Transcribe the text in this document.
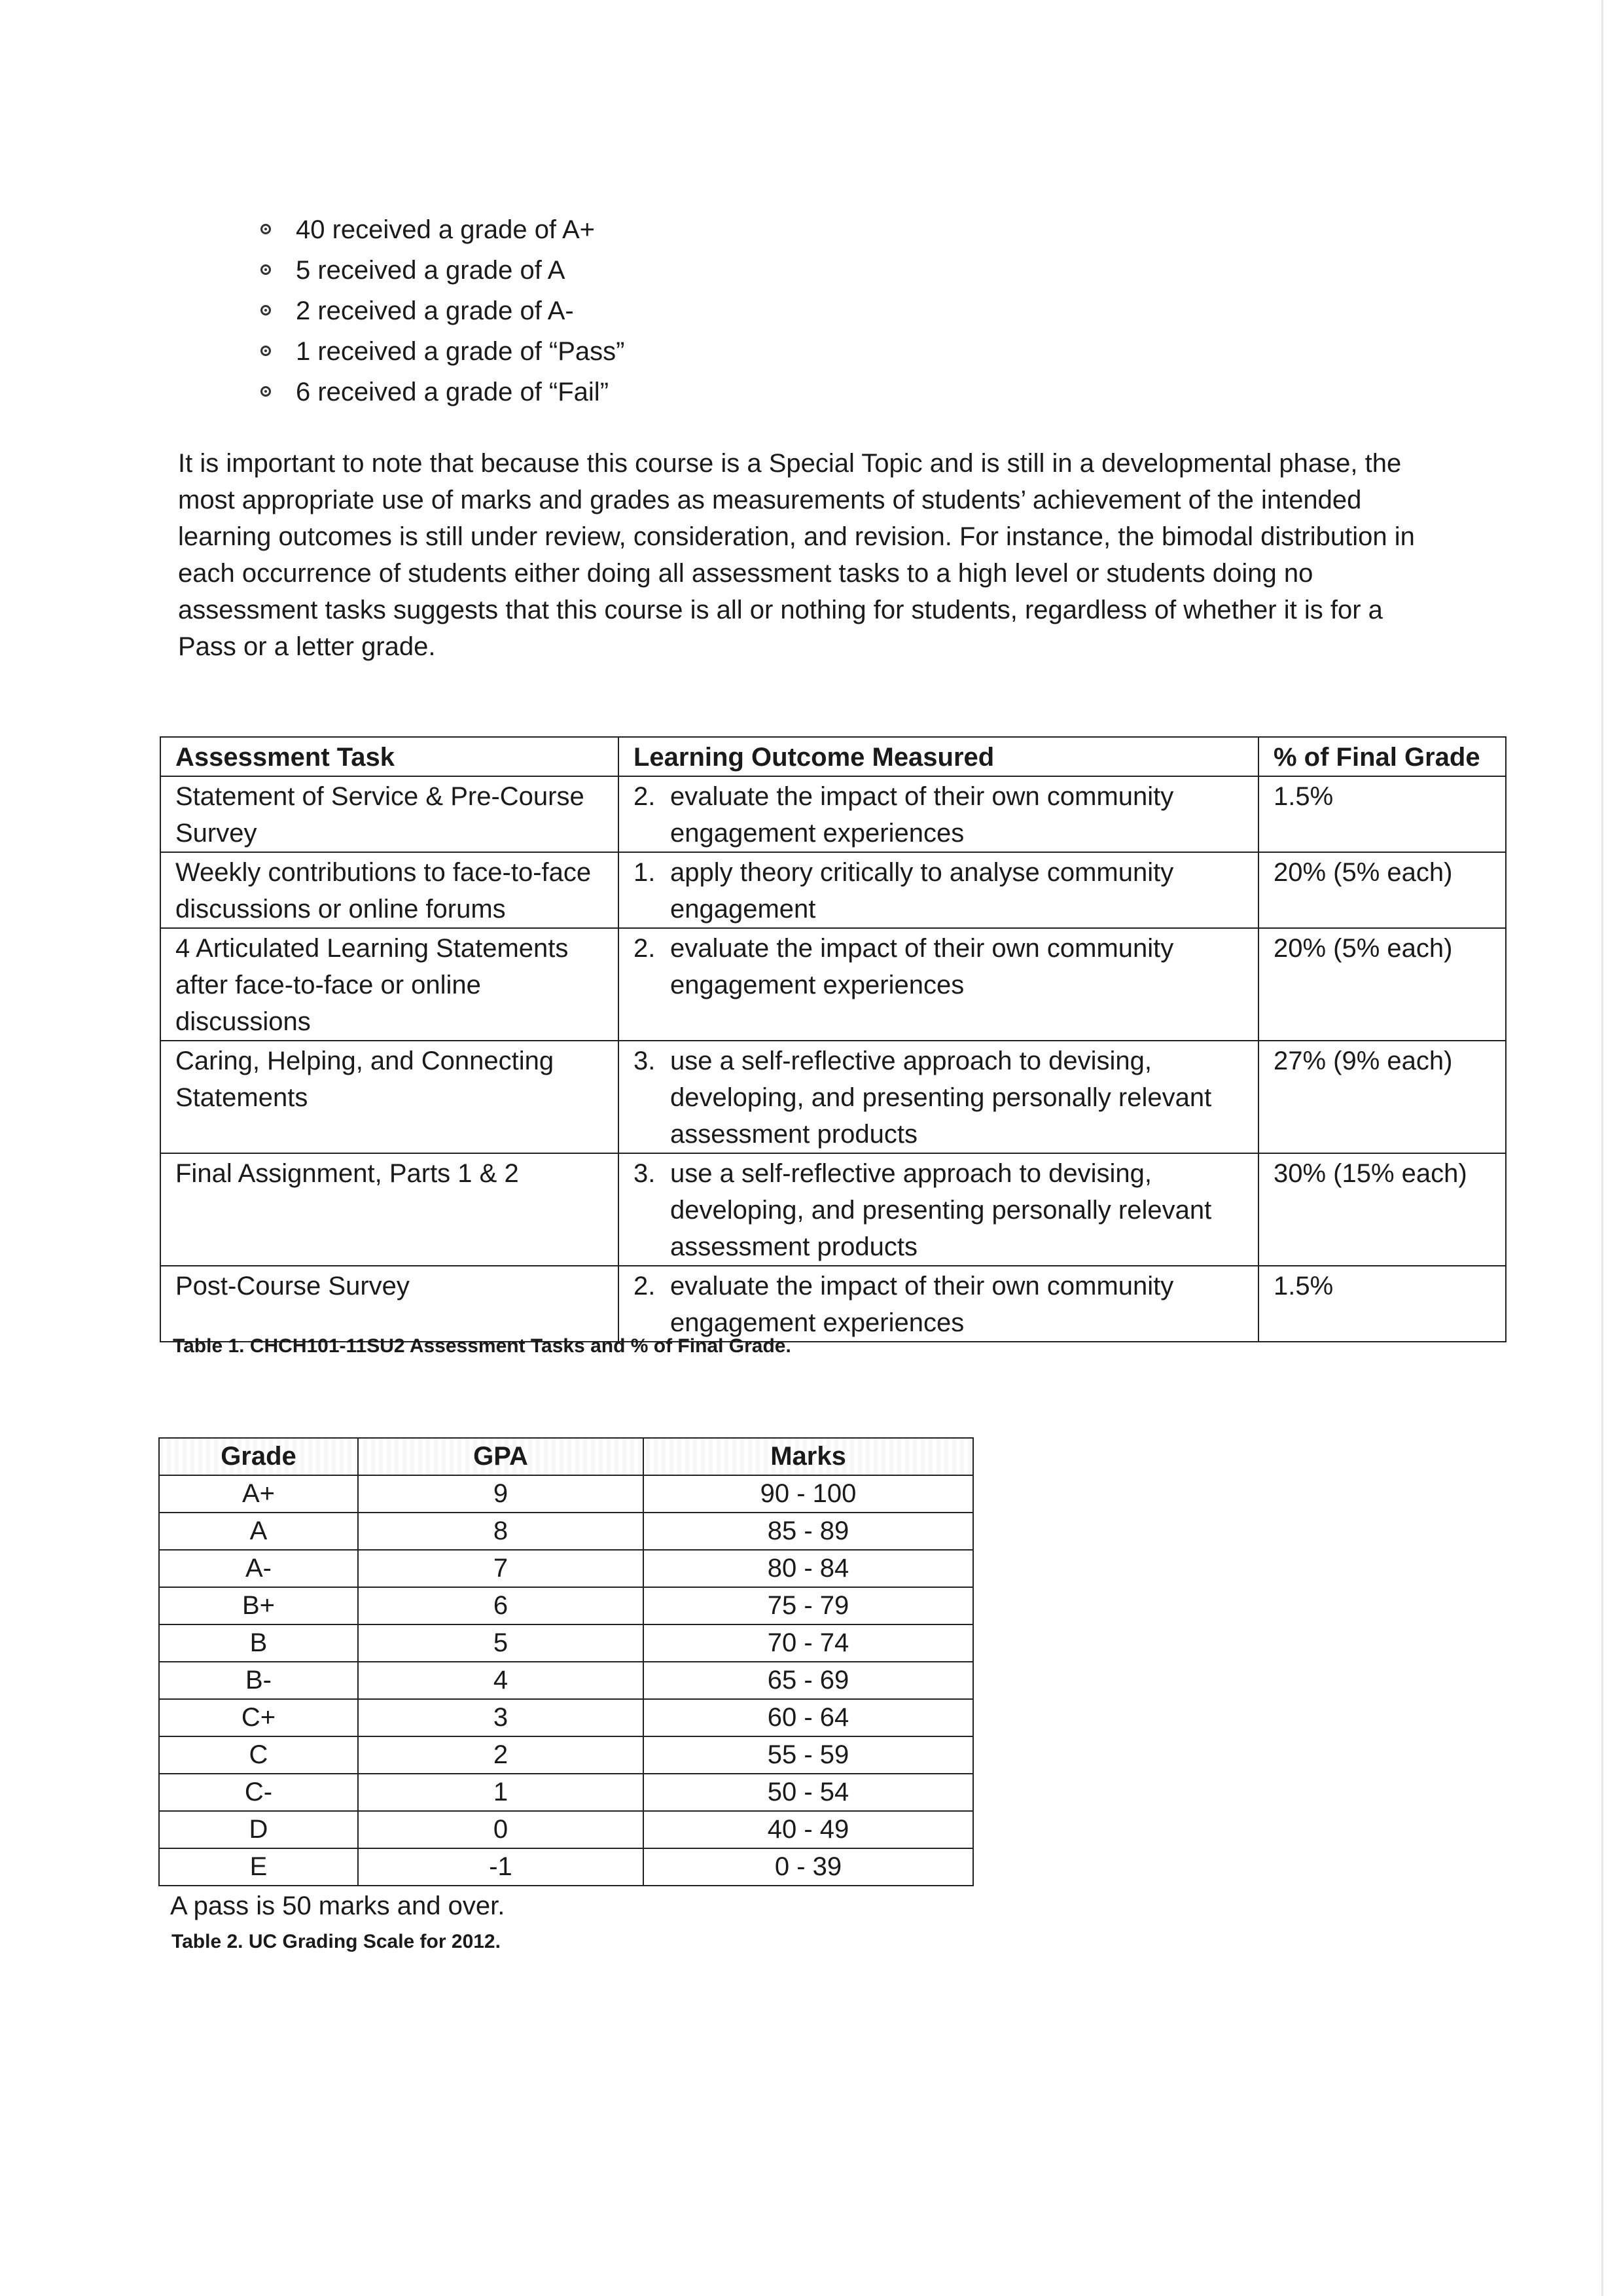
40 received a grade of A+
5 received a grade of A
2 received a grade of A-
1 received a grade of “Pass”
6 received a grade of “Fail”

It is important to note that because this course is a Special Topic and is still in a developmental phase, the most appropriate use of marks and grades as measurements of students’ achievement of the intended learning outcomes is still under review, consideration, and revision. For instance, the bimodal distribution in each occurrence of students either doing all assessment tasks to a high level or students doing no assessment tasks suggests that this course is all or nothing for students, regardless of whether it is for a Pass or a letter grade.

Assessment Task	Learning Outcome Measured	% of Final Grade
Statement of Service & Pre-Course Survey	2. evaluate the impact of their own community engagement experiences	1.5%
Weekly contributions to face-to-face discussions or online forums	1. apply theory critically to analyse community engagement	20% (5% each)
4 Articulated Learning Statements after face-to-face or online discussions	2. evaluate the impact of their own community engagement experiences	20% (5% each)
Caring, Helping, and Connecting Statements	3. use a self-reflective approach to devising, developing, and presenting personally relevant assessment products	27% (9% each)
Final Assignment, Parts 1 & 2	3. use a self-reflective approach to devising, developing, and presenting personally relevant assessment products	30% (15% each)
Post-Course Survey	2. evaluate the impact of their own community engagement experiences	1.5%
Table 1. CHCH101-11SU2 Assessment Tasks and % of Final Grade.
Grade	GPA	Marks
A+	9	90 - 100
A	8	85 - 89
A-	7	80 - 84
B+	6	75 - 79
B	5	70 - 74
B-	4	65 - 69
C+	3	60 - 64
C	2	55 - 59
C-	1	50 - 54
D	0	40 - 49
E	-1	0 - 39

A pass is 50 marks and over.

Table 2. UC Grading Scale for 2012.
